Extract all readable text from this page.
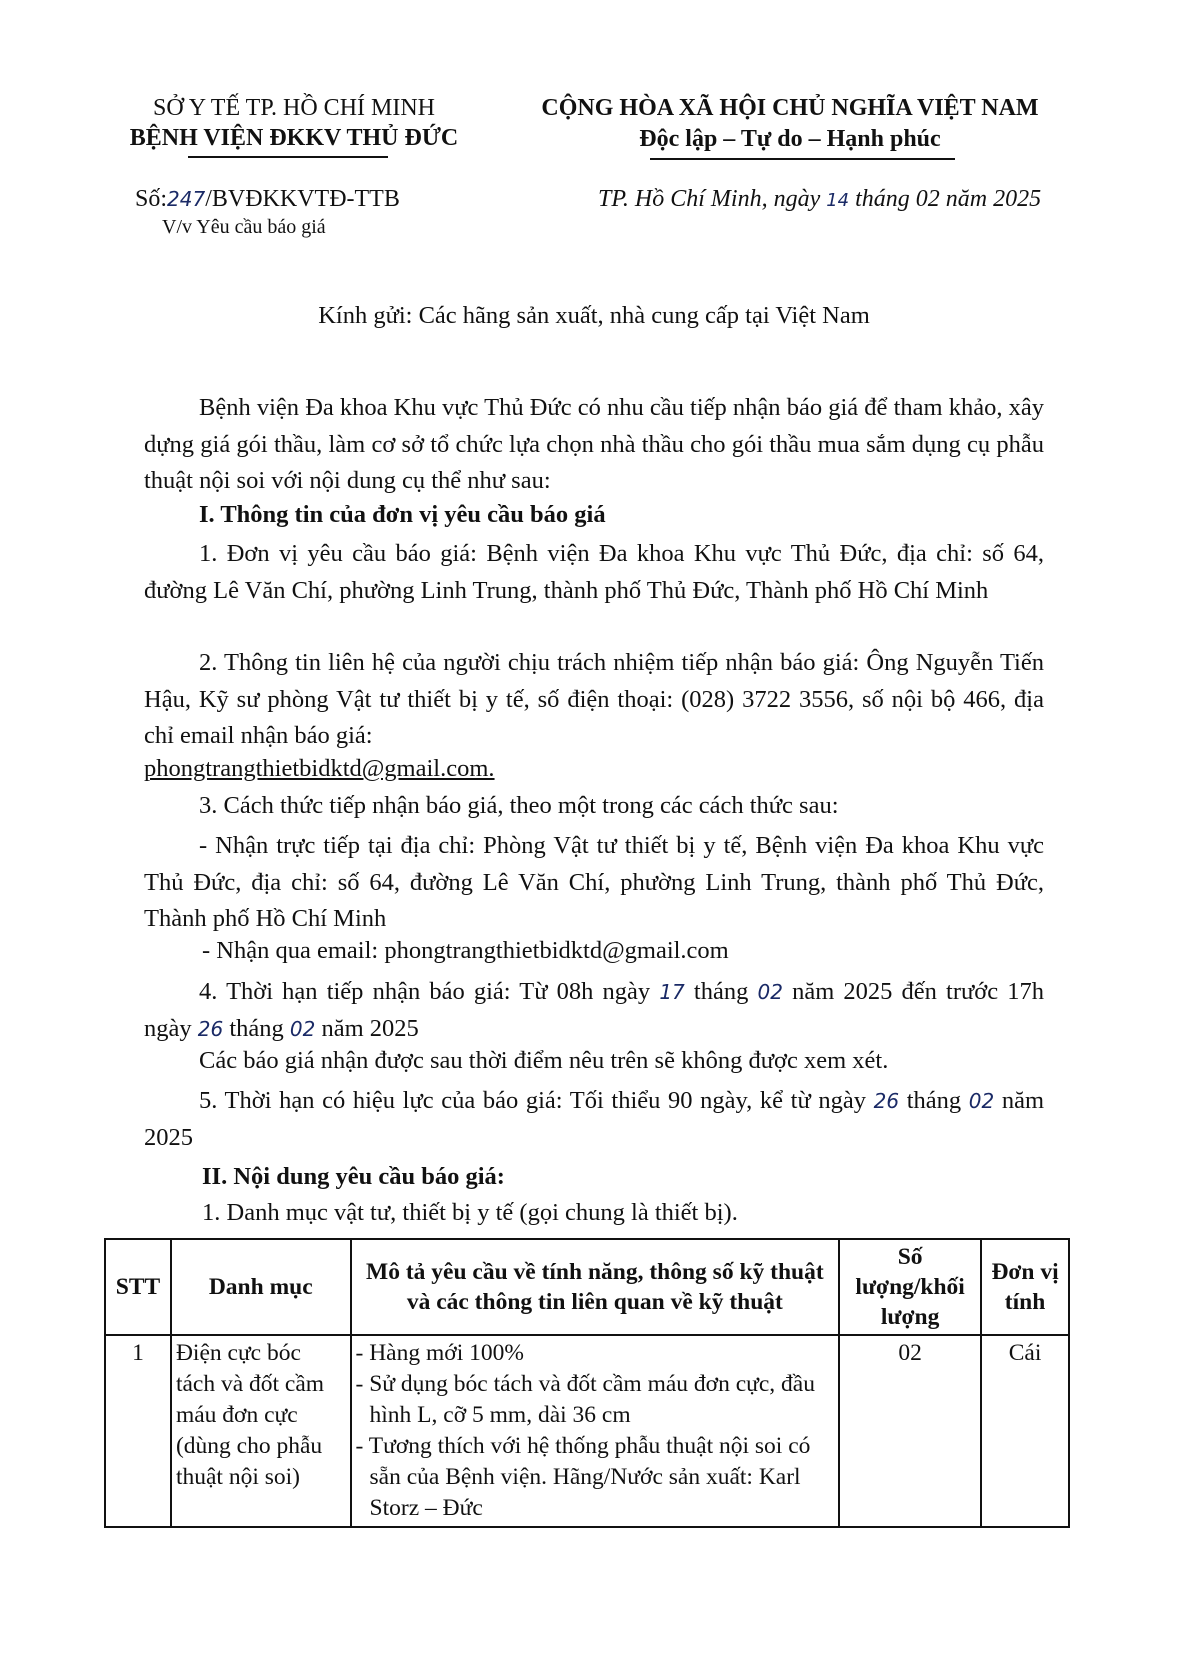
SỞ Y TẾ TP. HỒ CHÍ MINH
BỆNH VIỆN ĐKKV THỦ ĐỨC
CỘNG HÒA XÃ HỘI CHỦ NGHĨA VIỆT NAM
Độc lập – Tự do – Hạnh phúc
Số:247/BVĐKKVTĐ-TTB
V/v Yêu cầu báo giá
TP. Hồ Chí Minh, ngày 14 tháng 02 năm 2025
Kính gửi: Các hãng sản xuất, nhà cung cấp tại Việt Nam
Bệnh viện Đa khoa Khu vực Thủ Đức có nhu cầu tiếp nhận báo giá để tham khảo, xây dựng giá gói thầu, làm cơ sở tổ chức lựa chọn nhà thầu cho gói thầu mua sắm dụng cụ phẫu thuật nội soi với nội dung cụ thể như sau:
I. Thông tin của đơn vị yêu cầu báo giá
1. Đơn vị yêu cầu báo giá: Bệnh viện Đa khoa Khu vực Thủ Đức, địa chỉ: số 64, đường Lê Văn Chí, phường Linh Trung, thành phố Thủ Đức, Thành phố Hồ Chí Minh
2. Thông tin liên hệ của người chịu trách nhiệm tiếp nhận báo giá: Ông Nguyễn Tiến Hậu, Kỹ sư phòng Vật tư thiết bị y tế, số điện thoại: (028) 3722 3556, số nội bộ 466, địa chỉ email nhận báo giá:
phongtrangthietbidktd@gmail.com.
3. Cách thức tiếp nhận báo giá, theo một trong các cách thức sau:
- Nhận trực tiếp tại địa chỉ: Phòng Vật tư thiết bị y tế, Bệnh viện Đa khoa Khu vực Thủ Đức, địa chỉ: số 64, đường Lê Văn Chí, phường Linh Trung, thành phố Thủ Đức, Thành phố Hồ Chí Minh
- Nhận qua email: phongtrangthietbidktd@gmail.com
4. Thời hạn tiếp nhận báo giá: Từ 08h ngày 17 tháng 02 năm 2025 đến trước 17h ngày 26 tháng 02 năm 2025
Các báo giá nhận được sau thời điểm nêu trên sẽ không được xem xét.
5. Thời hạn có hiệu lực của báo giá: Tối thiểu 90 ngày, kể từ ngày 26 tháng 02 năm 2025
II. Nội dung yêu cầu báo giá:
1. Danh mục vật tư, thiết bị y tế (gọi chung là thiết bị).
STT	Danh mục	Mô tả yêu cầu về tính năng, thông số kỹ thuật và các thông tin liên quan về kỹ thuật	Số lượng/khối lượng	Đơn vị tính
1	Điện cực bóc tách và đốt cầm máu đơn cực (dùng cho phẫu thuật nội soi)	- Hàng mới 100%
- Sử dụng bóc tách và đốt cầm máu đơn cực, đầu hình L, cỡ 5 mm, dài 36 cm
- Tương thích với hệ thống phẫu thuật nội soi có sẵn của Bệnh viện. Hãng/Nước sản xuất: Karl Storz – Đức	02	Cái
